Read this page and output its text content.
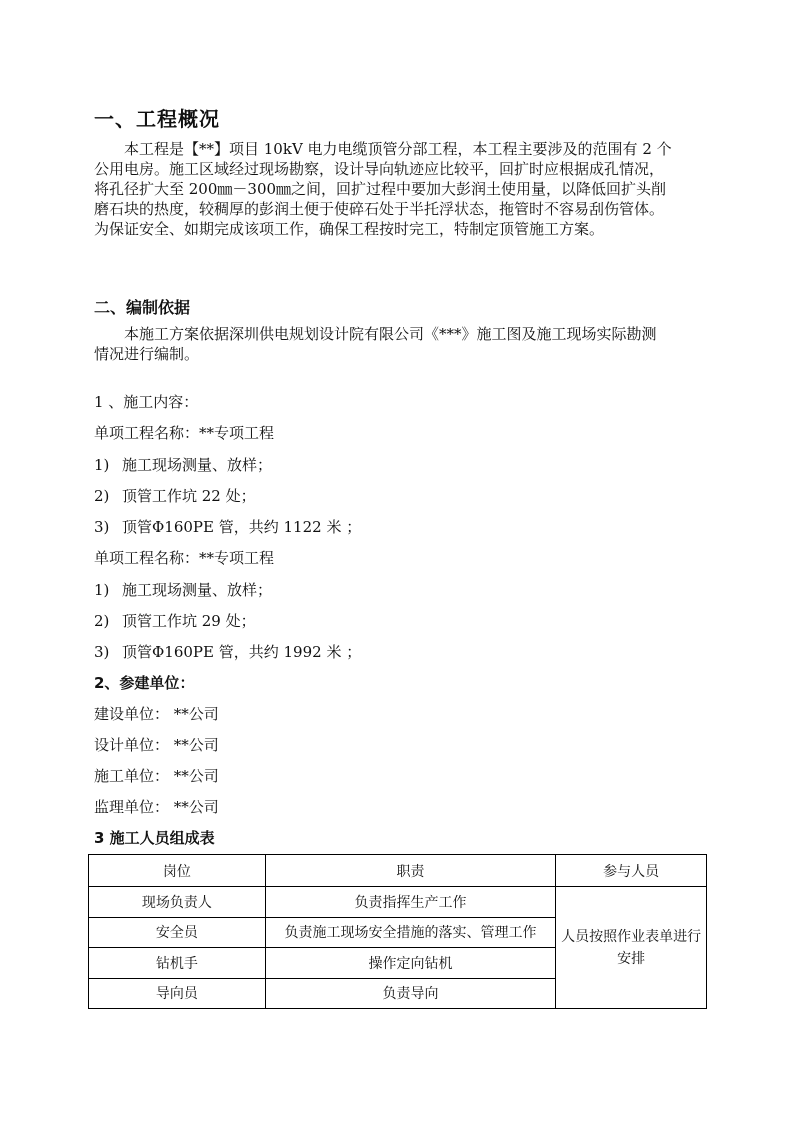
一、工程概况
本工程是【**】项目 10kV 电力电缆顶管分部工程，本工程主要涉及的范围有 2 个
公用电房。施工区域经过现场勘察，设计导向轨迹应比较平，回扩时应根据成孔情况，
将孔径扩大至 200㎜－300㎜之间，回扩过程中要加大彭润土使用量，以降低回扩头削
磨石块的热度，较稠厚的彭润土便于使碎石处于半托浮状态，拖管时不容易刮伤管体。
为保证安全、如期完成该项工作，确保工程按时完工，特制定顶管施工方案。
二、编制依据
本施工方案依据深圳供电规划设计院有限公司《***》施工图及施工现场实际勘测
情况进行编制。
1 、施工内容：
单项工程名称：**专项工程
1) 施工现场测量、放样；
2) 顶管工作坑 22 处；
3) 顶管Φ160PE 管，共约 1122 米 ；
单项工程名称：**专项工程
1) 施工现场测量、放样；
2) 顶管工作坑 29 处；
3) 顶管Φ160PE 管，共约 1992 米 ；
2、参建单位：
建设单位： **公司
设计单位： **公司
施工单位： **公司
监理单位： **公司
3 施工人员组成表
岗位	职责	参与人员
现场负责人	负责指挥生产工作	人员按照作业表单进行安排
安全员	负责施工现场安全措施的落实、管理工作	
钻机手	操作定向钻机	
导向员	负责导向	
